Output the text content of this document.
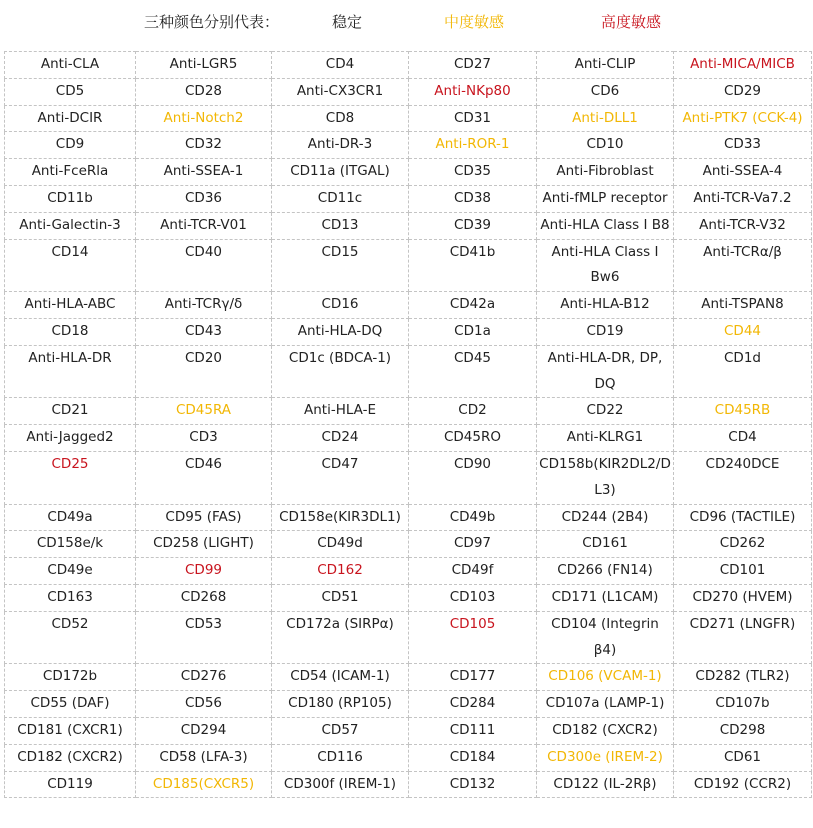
三种颜色分别代表：	稳定	中度敏感	高度敏感
Anti-CLA	Anti-LGR5	CD4	CD27	Anti-CLIP	Anti-MICA/MICB
CD5	CD28	Anti-CX3CR1	Anti-NKp80	CD6	CD29
Anti-DCIR	Anti-Notch2	CD8	CD31	Anti-DLL1	Anti-PTK7 (CCK-4)
CD9	CD32	Anti-DR-3	Anti-ROR-1	CD10	CD33
Anti-FceRla	Anti-SSEA-1	CD11a (ITGAL)	CD35	Anti-Fibroblast	Anti-SSEA-4
CD11b	CD36	CD11c	CD38	Anti-fMLP receptor	Anti-TCR-Va7.2
Anti-Galectin-3	Anti-TCR-V01	CD13	CD39	Anti-HLA Class I B8	Anti-TCR-V32
CD14	CD40	CD15	CD41b	Anti-HLA Class I Bw6	Anti-TCRα/β
Anti-HLA-ABC	Anti-TCRγ/δ	CD16	CD42a	Anti-HLA-B12	Anti-TSPAN8
CD18	CD43	Anti-HLA-DQ	CD1a	CD19	CD44
Anti-HLA-DR	CD20	CD1c (BDCA-1)	CD45	Anti-HLA-DR, DP, DQ	CD1d
CD21	CD45RA	Anti-HLA-E	CD2	CD22	CD45RB
Anti-Jagged2	CD3	CD24	CD45RO	Anti-KLRG1	CD4
CD25	CD46	CD47	CD90	CD158b(KIR2DL2/DL3)	CD240DCE
CD49a	CD95 (FAS)	CD158e(KIR3DL1)	CD49b	CD244 (2B4)	CD96 (TACTILE)
CD158e/k	CD258 (LIGHT)	CD49d	CD97	CD161	CD262
CD49e	CD99	CD162	CD49f	CD266 (FN14)	CD101
CD163	CD268	CD51	CD103	CD171 (L1CAM)	CD270 (HVEM)
CD52	CD53	CD172a (SIRPα)	CD105	CD104 (Integrin β4)	CD271 (LNGFR)
CD172b	CD276	CD54 (ICAM-1)	CD177	CD106 (VCAM-1)	CD282 (TLR2)
CD55 (DAF)	CD56	CD180 (RP105)	CD284	CD107a (LAMP-1)	CD107b
CD181 (CXCR1)	CD294	CD57	CD111	CD182 (CXCR2)	CD298
CD182 (CXCR2)	CD58 (LFA-3)	CD116	CD184	CD300e (IREM-2)	CD61
CD119	CD185(CXCR5)	CD300f (IREM-1)	CD132	CD122 (IL-2Rβ)	CD192 (CCR2)
